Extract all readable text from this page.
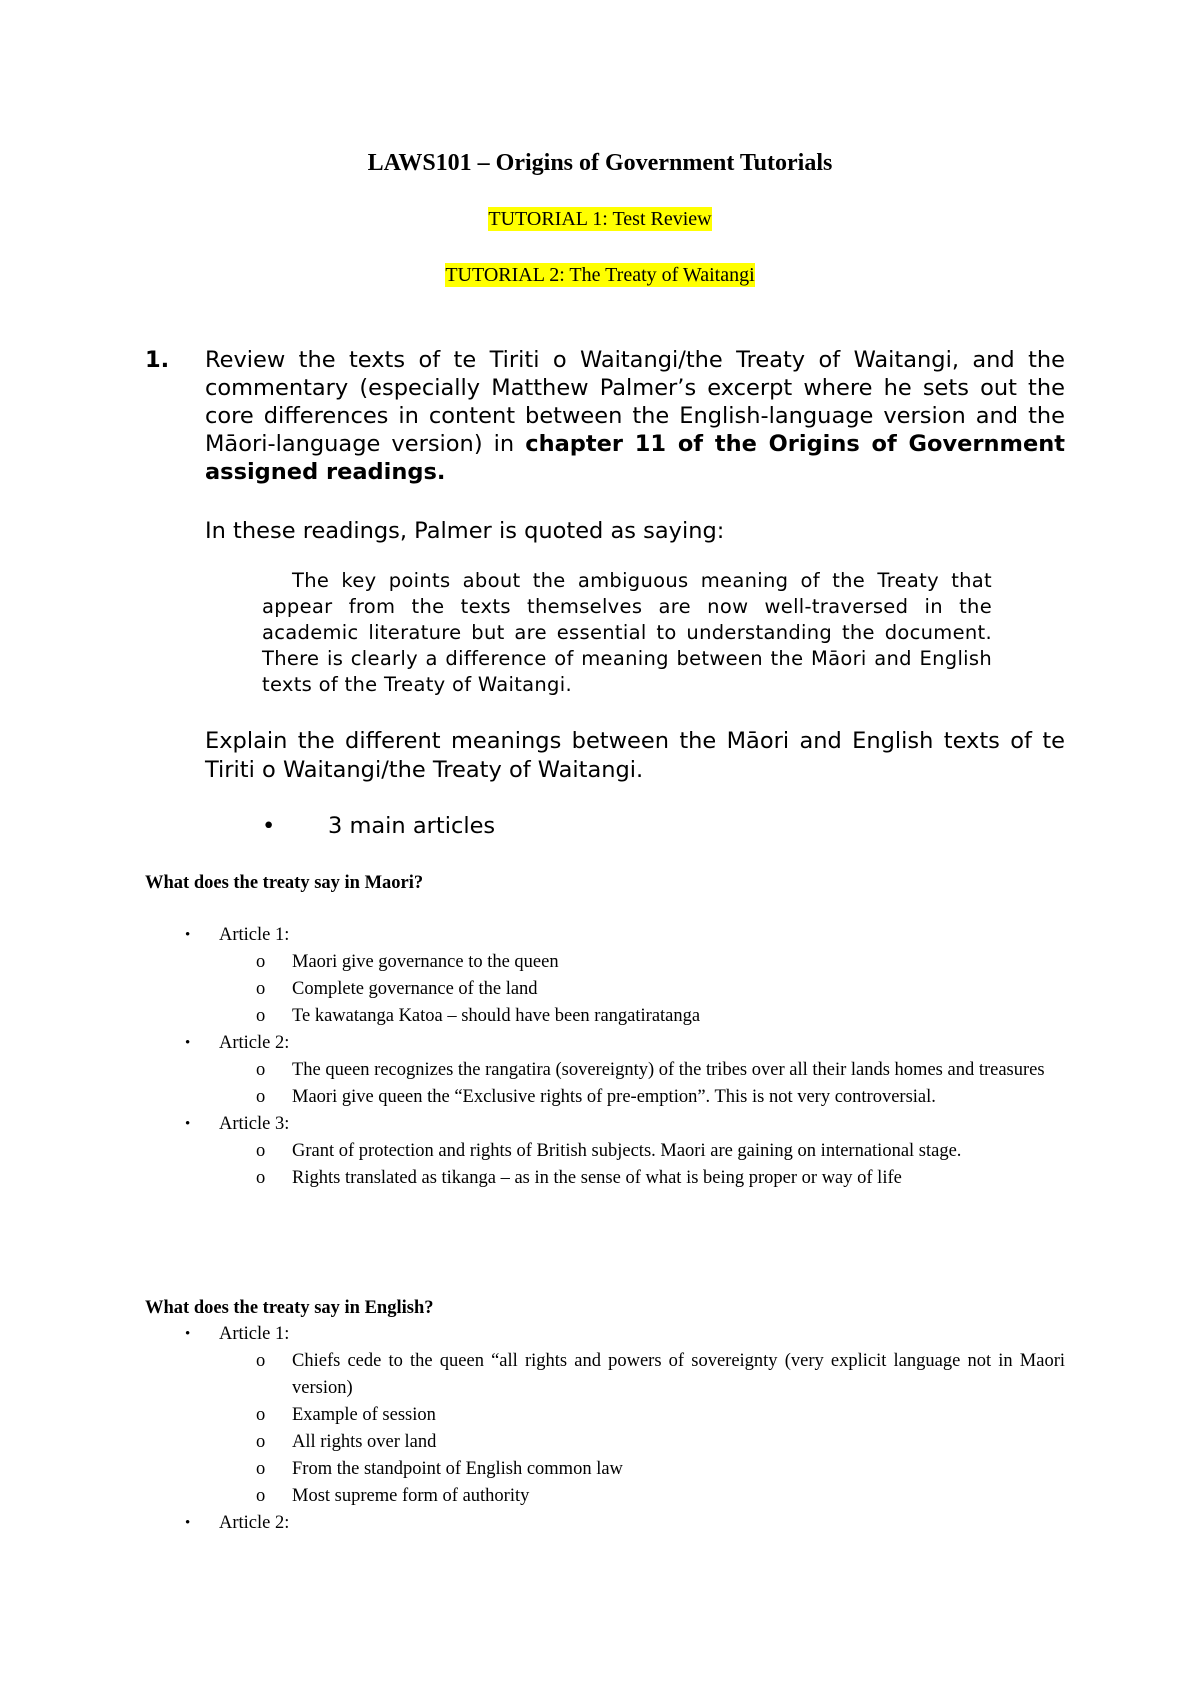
LAWS101 – Origins of Government Tutorials
TUTORIAL 1: Test Review
TUTORIAL 2: The Treaty of Waitangi
1. Review the texts of te Tiriti o Waitangi/the Treaty of Waitangi, and the commentary (especially Matthew Palmer’s excerpt where he sets out the core differences in content between the English-language version and the Māori-language version) in chapter 11 of the Origins of Government assigned readings.
In these readings, Palmer is quoted as saying:
The key points about the ambiguous meaning of the Treaty that appear from the texts themselves are now well-traversed in the academic literature but are essential to understanding the document. There is clearly a difference of meaning between the Māori and English texts of the Treaty of Waitangi.
Explain the different meanings between the Māori and English texts of te Tiriti o Waitangi/the Treaty of Waitangi.
• 3 main articles
What does the treaty say in Maori?
• Article 1:
o Maori give governance to the queen
o Complete governance of the land
o Te kawatanga Katoa – should have been rangatiratanga
• Article 2:
o The queen recognizes the rangatira (sovereignty) of the tribes over all their lands homes and treasures
o Maori give queen the “Exclusive rights of pre-emption”. This is not very controversial.
• Article 3:
o Grant of protection and rights of British subjects. Maori are gaining on international stage.
o Rights translated as tikanga – as in the sense of what is being proper or way of life
What does the treaty say in English?
• Article 1:
o Chiefs cede to the queen “all rights and powers of sovereignty (very explicit language not in Maori version)
o Example of session
o All rights over land
o From the standpoint of English common law
o Most supreme form of authority
• Article 2:
